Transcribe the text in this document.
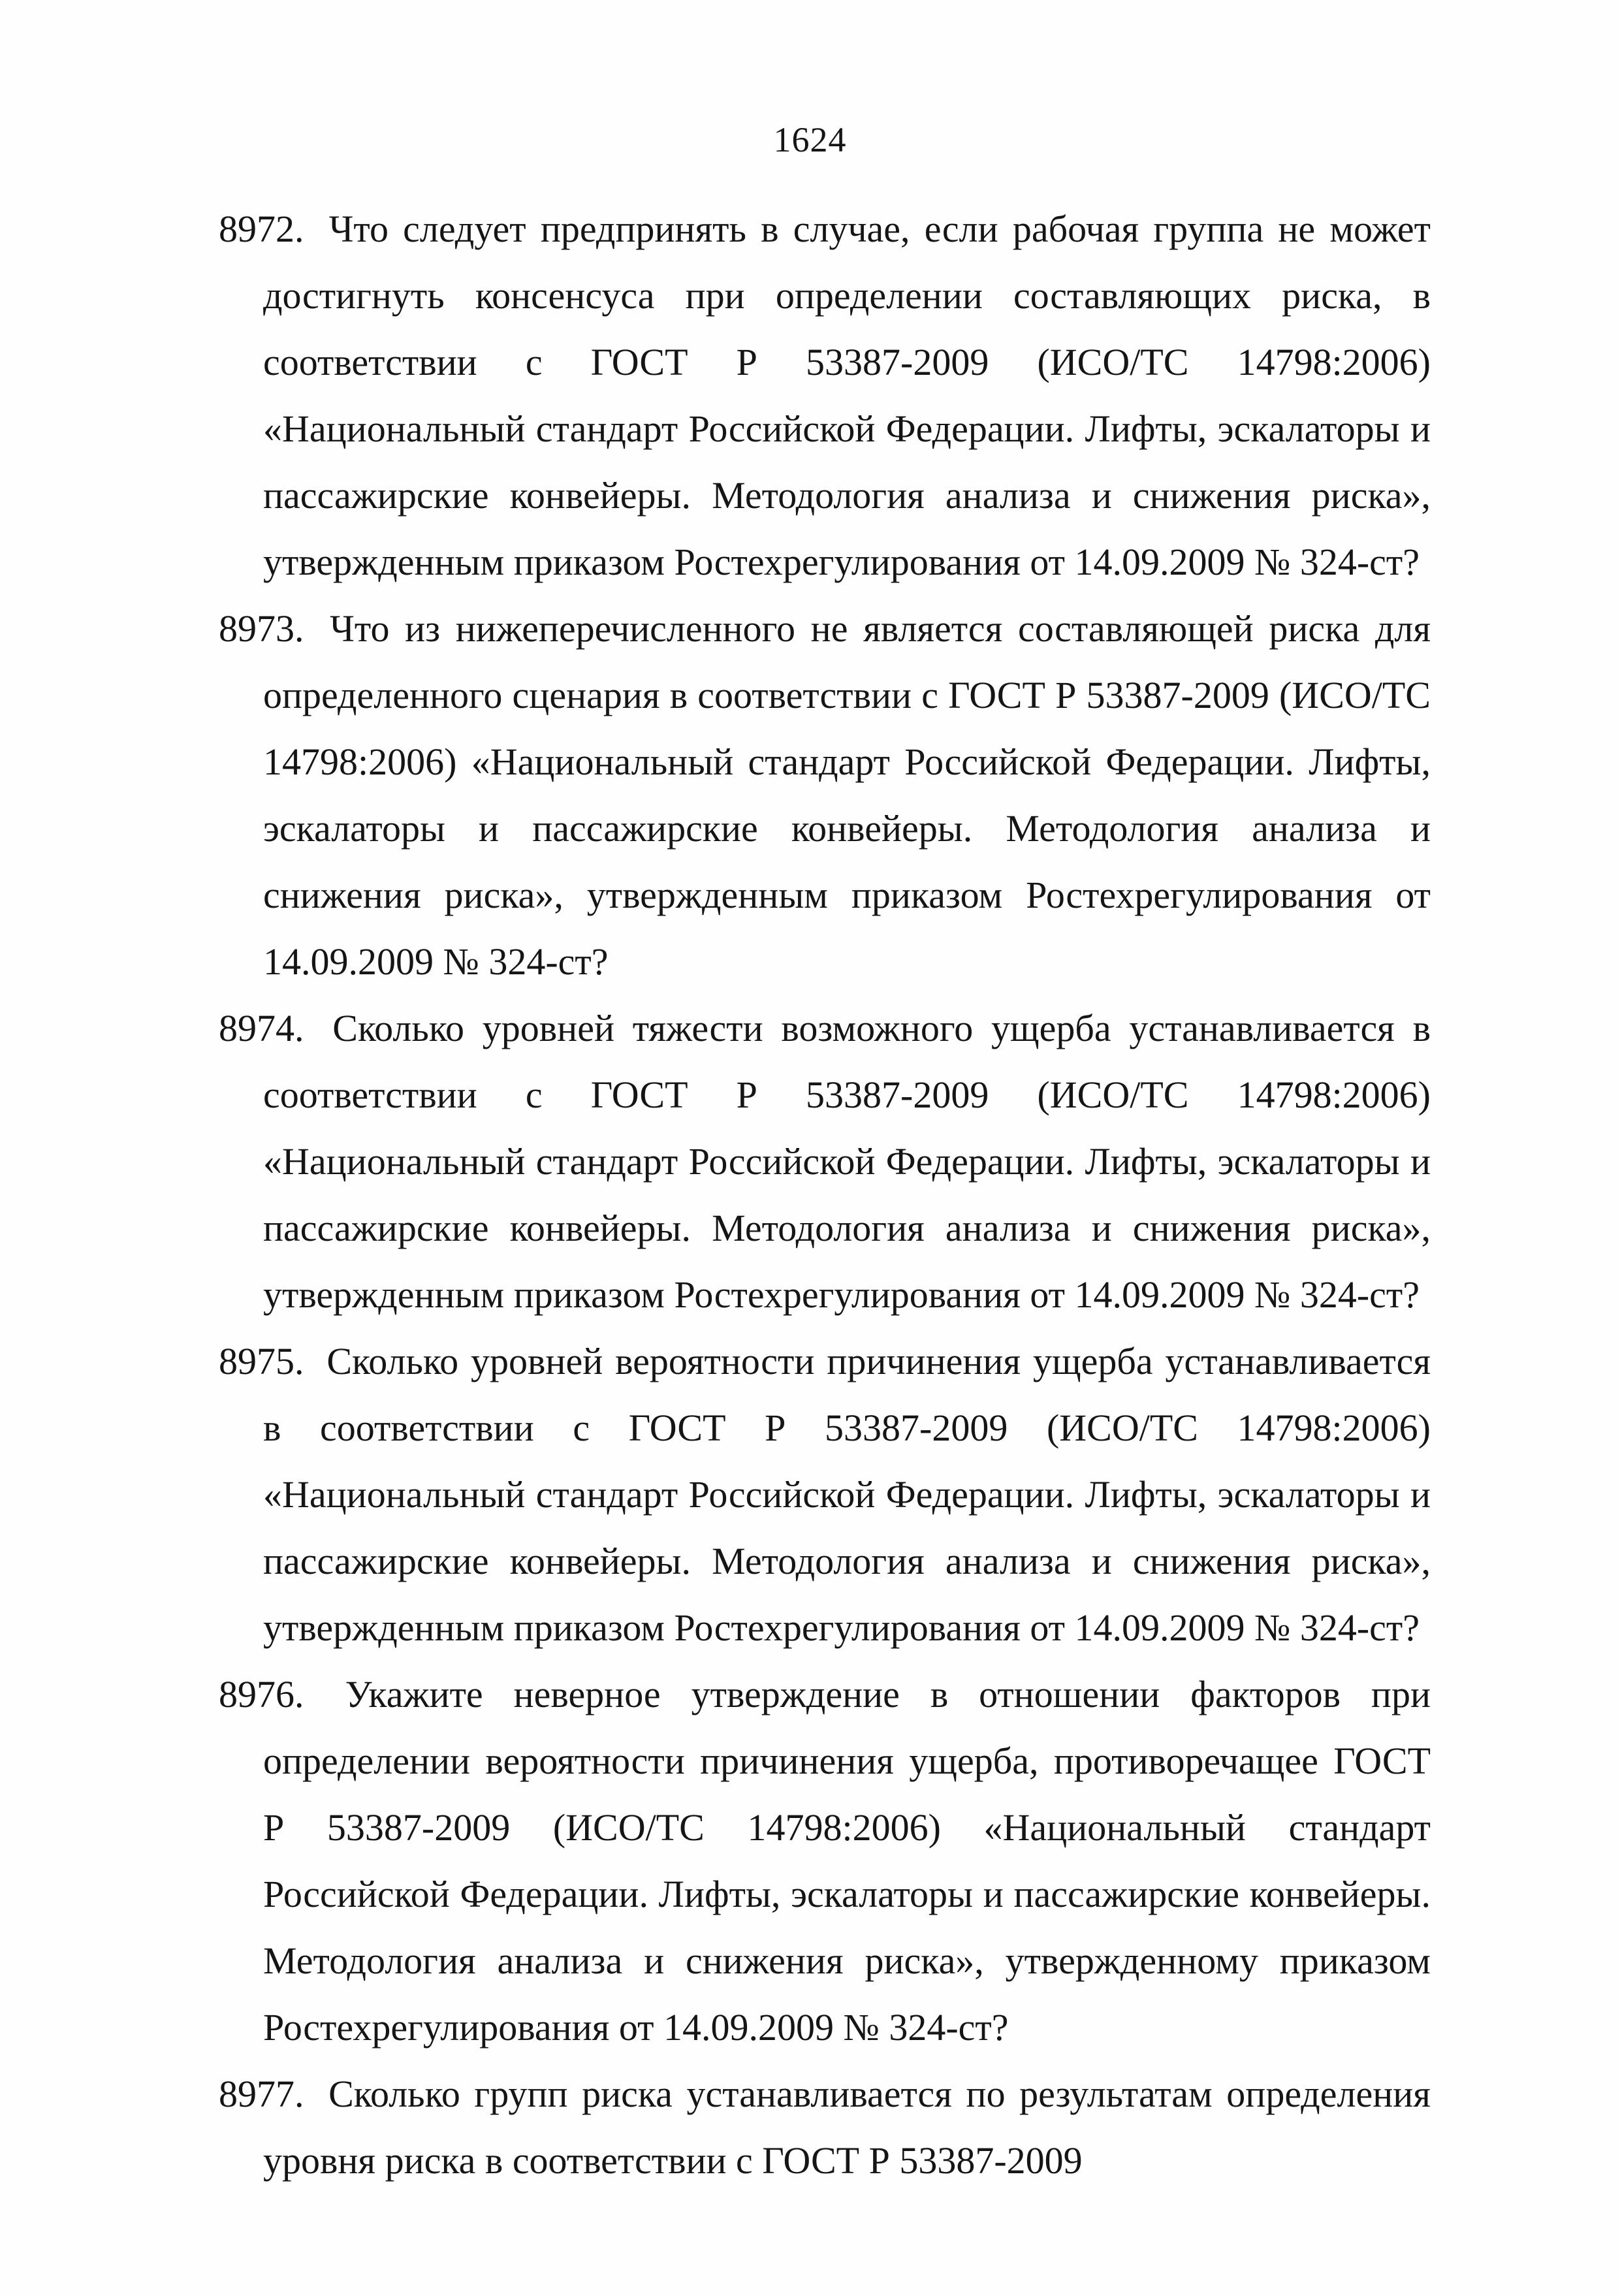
1624

8972. Что следует предпринять в случае, если рабочая группа не может достигнуть консенсуса при определении составляющих риска, в соответствии с ГОСТ Р 53387-2009 (ИСО/ТС 14798:2006) «Национальный стандарт Российской Федерации. Лифты, эскалаторы и пассажирские конвейеры. Методология анализа и снижения риска», утвержденным приказом Ростехрегулирования от 14.09.2009 № 324-ст?

8973. Что из нижеперечисленного не является составляющей риска для определенного сценария в соответствии с ГОСТ Р 53387-2009 (ИСО/ТС 14798:2006) «Национальный стандарт Российской Федерации. Лифты, эскалаторы и пассажирские конвейеры. Методология анализа и снижения риска», утвержденным приказом Ростехрегулирования от 14.09.2009 № 324-ст?

8974. Сколько уровней тяжести возможного ущерба устанавливается в соответствии с ГОСТ Р 53387-2009 (ИСО/ТС 14798:2006) «Национальный стандарт Российской Федерации. Лифты, эскалаторы и пассажирские конвейеры. Методология анализа и снижения риска», утвержденным приказом Ростехрегулирования от 14.09.2009 № 324-ст?

8975. Сколько уровней вероятности причинения ущерба устанавливается в соответствии с ГОСТ Р 53387-2009 (ИСО/ТС 14798:2006) «Национальный стандарт Российской Федерации. Лифты, эскалаторы и пассажирские конвейеры. Методология анализа и снижения риска», утвержденным приказом Ростехрегулирования от 14.09.2009 № 324-ст?

8976. Укажите неверное утверждение в отношении факторов при определении вероятности причинения ущерба, противоречащее ГОСТ Р 53387-2009 (ИСО/ТС 14798:2006) «Национальный стандарт Российской Федерации. Лифты, эскалаторы и пассажирские конвейеры. Методология анализа и снижения риска», утвержденному приказом Ростехрегулирования от 14.09.2009 № 324-ст?

8977. Сколько групп риска устанавливается по результатам определения уровня риска в соответствии с ГОСТ Р 53387-2009
